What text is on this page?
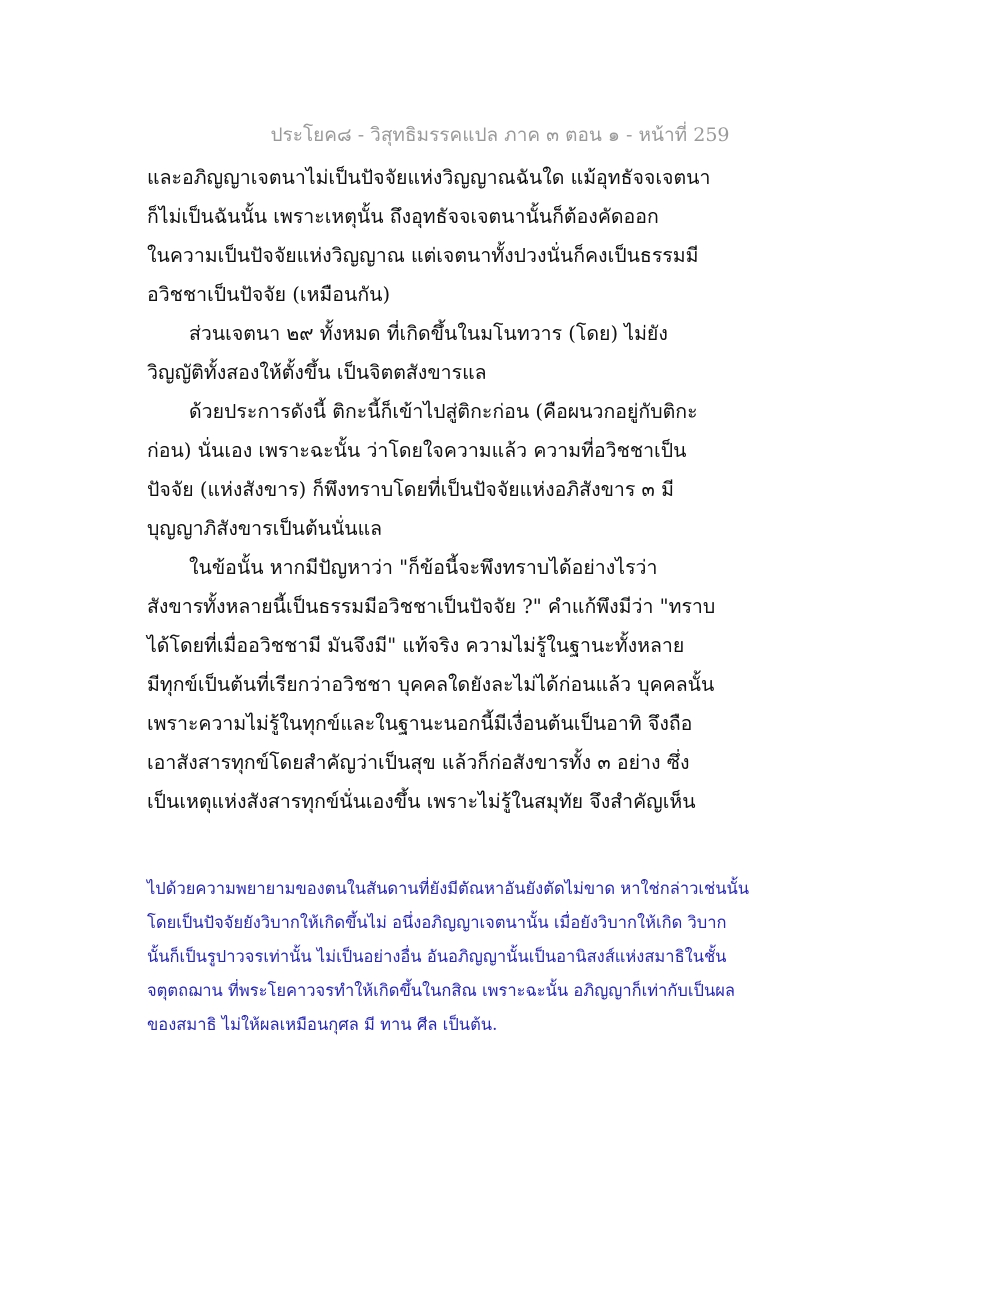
ประโยค๘ - วิสุทธิมรรคแปล ภาค ๓ ตอน ๑ - หน้าที่ 259
และอภิญญาเจตนาไม่เป็นปัจจัยแห่งวิญญาณฉันใด แม้อุทธัจจเจตนา
ก็ไม่เป็นฉันนั้น เพราะเหตุนั้น ถึงอุทธัจจเจตนานั้นก็ต้องคัดออก
ในความเป็นปัจจัยแห่งวิญญาณ แต่เจตนาทั้งปวงนั่นก็คงเป็นธรรมมี
อวิชชาเป็นปัจจัย (เหมือนกัน)
ส่วนเจตนา ๒๙ ทั้งหมด ที่เกิดขึ้นในมโนทวาร (โดย) ไม่ยัง
วิญญัติทั้งสองให้ตั้งขึ้น เป็นจิตตสังขารแล
ด้วยประการดังนี้ ติกะนี้ก็เข้าไปสู่ติกะก่อน (คือผนวกอยู่กับติกะ
ก่อน) นั่นเอง เพราะฉะนั้น ว่าโดยใจความแล้ว ความที่อวิชชาเป็น
ปัจจัย (แห่งสังขาร) ก็พึงทราบโดยที่เป็นปัจจัยแห่งอภิสังขาร ๓ มี
บุญญาภิสังขารเป็นต้นนั่นแล
ในข้อนั้น หากมีปัญหาว่า "ก็ข้อนี้จะพึงทราบได้อย่างไรว่า
สังขารทั้งหลายนี้เป็นธรรมมีอวิชชาเป็นปัจจัย ?" คำแก้พึงมีว่า "ทราบ
ได้โดยที่เมื่ออวิชชามี มันจึงมี" แท้จริง ความไม่รู้ในฐานะทั้งหลาย
มีทุกข์เป็นต้นที่เรียกว่าอวิชชา บุคคลใดยังละไม่ได้ก่อนแล้ว บุคคลนั้น
เพราะความไม่รู้ในทุกข์และในฐานะนอกนี้มีเงื่อนต้นเป็นอาทิ จึงถือ
เอาสังสารทุกข์โดยสำคัญว่าเป็นสุข แล้วก็ก่อสังขารทั้ง ๓ อย่าง ซึ่ง
เป็นเหตุแห่งสังสารทุกข์นั่นเองขึ้น เพราะไม่รู้ในสมุทัย จึงสำคัญเห็น
ไปด้วยความพยายามของตนในสันดานที่ยังมีตัณหาอันยังตัดไม่ขาด หาใช่กล่าวเช่นนั้น
โดยเป็นปัจจัยยังวิบากให้เกิดขึ้นไม่ อนึ่งอภิญญาเจตนานั้น เมื่อยังวิบากให้เกิด วิบาก
นั้นก็เป็นรูปาวจรเท่านั้น ไม่เป็นอย่างอื่น อันอภิญญานั้นเป็นอานิสงส์แห่งสมาธิในชั้น
จตุตถฌาน ที่พระโยคาวจรทำให้เกิดขึ้นในกสิณ เพราะฉะนั้น อภิญญาก็เท่ากับเป็นผล
ของสมาธิ ไม่ให้ผลเหมือนกุศล มี ทาน ศีล เป็นต้น.
